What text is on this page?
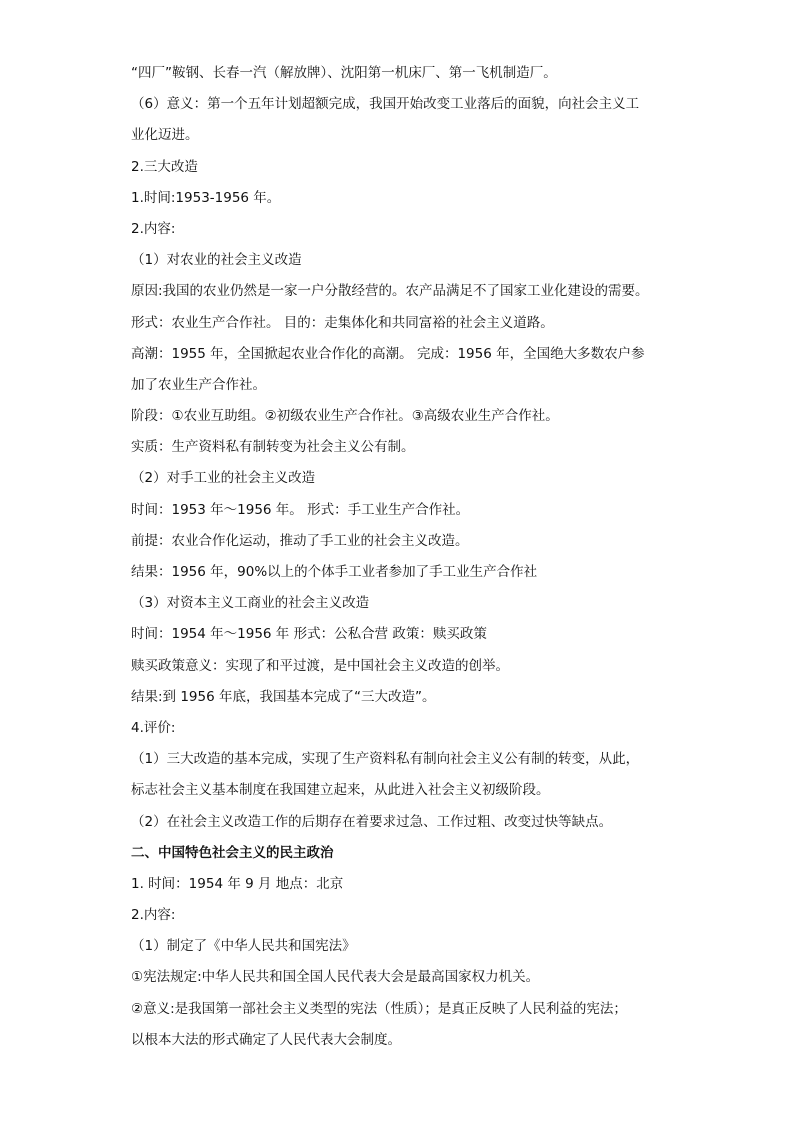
“四厂”鞍钢、长春一汽（解放牌）、沈阳第一机床厂、第一飞机制造厂。
（6）意义：第一个五年计划超额完成，我国开始改变工业落后的面貌，向社会主义工
业化迈进。
2.三大改造
1.时间:1953-1956 年。
2.内容:
（1）对农业的社会主义改造
原因:我国的农业仍然是一家一户分散经营的。农产品满足不了国家工业化建设的需要。
形式：农业生产合作社。 目的：走集体化和共同富裕的社会主义道路。
高潮：1955 年，全国掀起农业合作化的高潮。 完成：1956 年，全国绝大多数农户参
加了农业生产合作社。
阶段：①农业互助组。②初级农业生产合作社。③高级农业生产合作社。
实质：生产资料私有制转变为社会主义公有制。
（2）对手工业的社会主义改造
时间：1953 年～1956 年。 形式：手工业生产合作社。
前提：农业合作化运动，推动了手工业的社会主义改造。
结果：1956 年，90%以上的个体手工业者参加了手工业生产合作社
（3）对资本主义工商业的社会主义改造
时间：1954 年～1956 年 形式：公私合营 政策：赎买政策
赎买政策意义：实现了和平过渡，是中国社会主义改造的创举。
结果:到 1956 年底，我国基本完成了“三大改造”。
4.评价:
（1）三大改造的基本完成，实现了生产资料私有制向社会主义公有制的转变，从此，
标志社会主义基本制度在我国建立起来，从此进入社会主义初级阶段。
（2）在社会主义改造工作的后期存在着要求过急、工作过粗、改变过快等缺点。
二、中国特色社会主义的民主政治
1. 时间：1954 年 9 月 地点：北京
2.内容:
（1）制定了《中华人民共和国宪法》
①宪法规定:中华人民共和国全国人民代表大会是最高国家权力机关。
②意义:是我国第一部社会主义类型的宪法（性质）；是真正反映了人民利益的宪法；
以根本大法的形式确定了人民代表大会制度。
